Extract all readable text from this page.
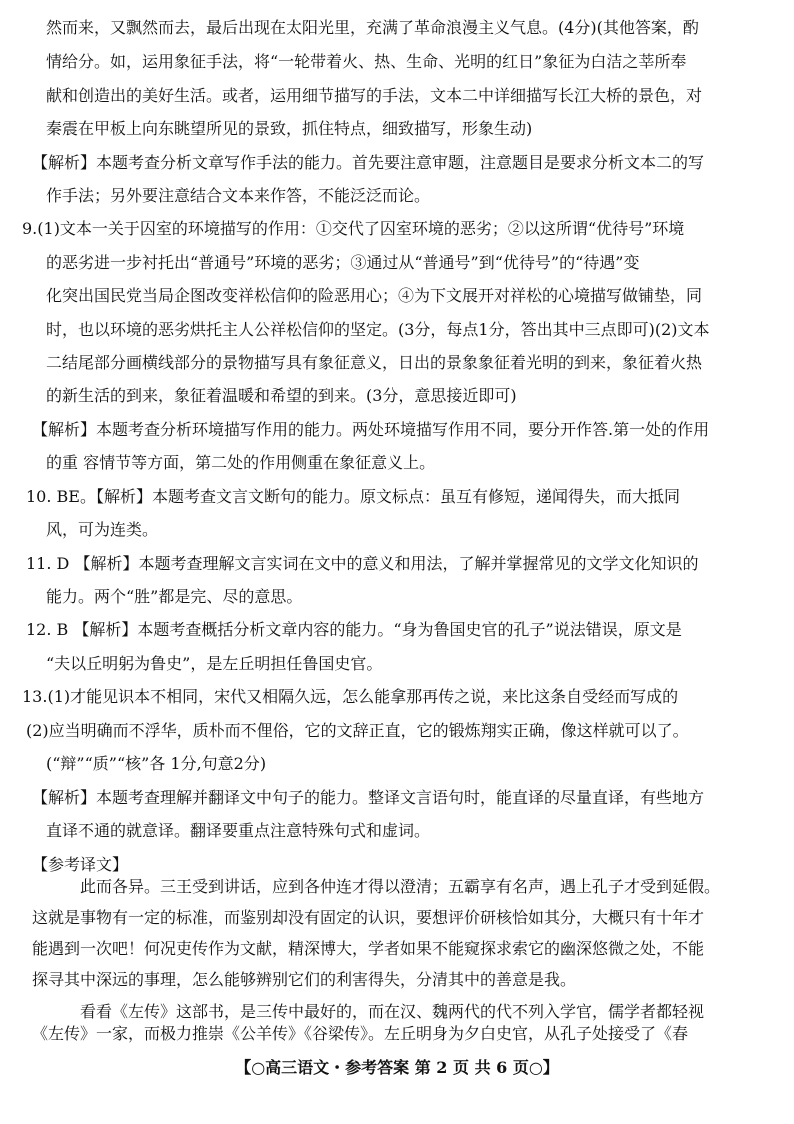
然而来，又飘然而去，最后出现在太阳光里，充满了革命浪漫主义气息。(4分)(其他答案，酌
情给分。如，运用象征手法，将“一轮带着火、热、生命、光明的红日”象征为白洁之莘所奉
献和创造出的美好生活。或者，运用细节描写的手法，文本二中详细描写长江大桥的景色，对
秦震在甲板上向东眺望所见的景致，抓住特点，细致描写，形象生动)
【解析】本题考查分析文章写作手法的能力。首先要注意审题，注意题目是要求分析文本二的写
作手法；另外要注意结合文本来作答，不能泛泛而论。
9.(1)文本一关于囚室的环境描写的作用：①交代了囚室环境的恶劣；②以这所谓“优待号”环境
的恶劣进一步衬托出“普通号”环境的恶劣；③通过从“普通号”到“优待号”的“待遇”变
化突出国民党当局企图改变祥松信仰的险恶用心；④为下文展开对祥松的心境描写做铺垫，同
时，也以环境的恶劣烘托主人公祥松信仰的坚定。(3分，每点1分，答出其中三点即可)(2)文本
二结尾部分画横线部分的景物描写具有象征意义，日出的景象象征着光明的到来，象征着火热
的新生活的到来，象征着温暖和希望的到来。(3分，意思接近即可)
【解析】本题考查分析环境描写作用的能力。两处环境描写作用不同，要分开作答.第一处的作用
的重 容情节等方面，第二处的作用侧重在象征意义上。
10. BE。【解析】本题考查文言文断句的能力。原文标点：虽互有修短，递闻得失，而大抵同
风，可为连类。
11. D 【解析】本题考查理解文言实词在文中的意义和用法，了解并掌握常见的文学文化知识的
能力。两个“胜”都是完、尽的意思。
12. B 【解析】本题考查概括分析文章内容的能力。“身为鲁国史官的孔子”说法错误，原文是
“夫以丘明躬为鲁史”，是左丘明担任鲁国史官。
13.(1)才能见识本不相同，宋代又相隔久远，怎么能拿那再传之说，来比这条自受经而写成的
(2)应当明确而不浮华，质朴而不俚俗，它的文辞正直，它的锻炼翔实正确，像这样就可以了。
(“辩”“质”“核”各 1分,句意2分)
【解析】本题考查理解并翻译文中句子的能力。整译文言语句时，能直译的尽量直译，有些地方
直译不通的就意译。翻译要重点注意特殊句式和虚词。
【参考译文】
此而各异。三王受到讲话，应到各仲连才得以澄清；五霸享有名声，遇上孔子才受到延假。
这就是事物有一定的标准，而鉴别却没有固定的认识，要想评价研核恰如其分，大概只有十年才
能遇到一次吧！何况吏传作为文献，精深博大，学者如果不能窥探求索它的幽深悠微之处，不能
探寻其中深远的事理，怎么能够辨别它们的利害得失，分清其中的善意是我。
看看《左传》这部书，是三传中最好的，而在汉、魏两代的代不列入学官，儒学者都轻视
《左传》一家，而极力推崇《公羊传》《谷梁传》。左丘明身为夕白史官，从孔子处接受了《春
【○高三语文・参考答案 第 2 页 共 6 页○】
